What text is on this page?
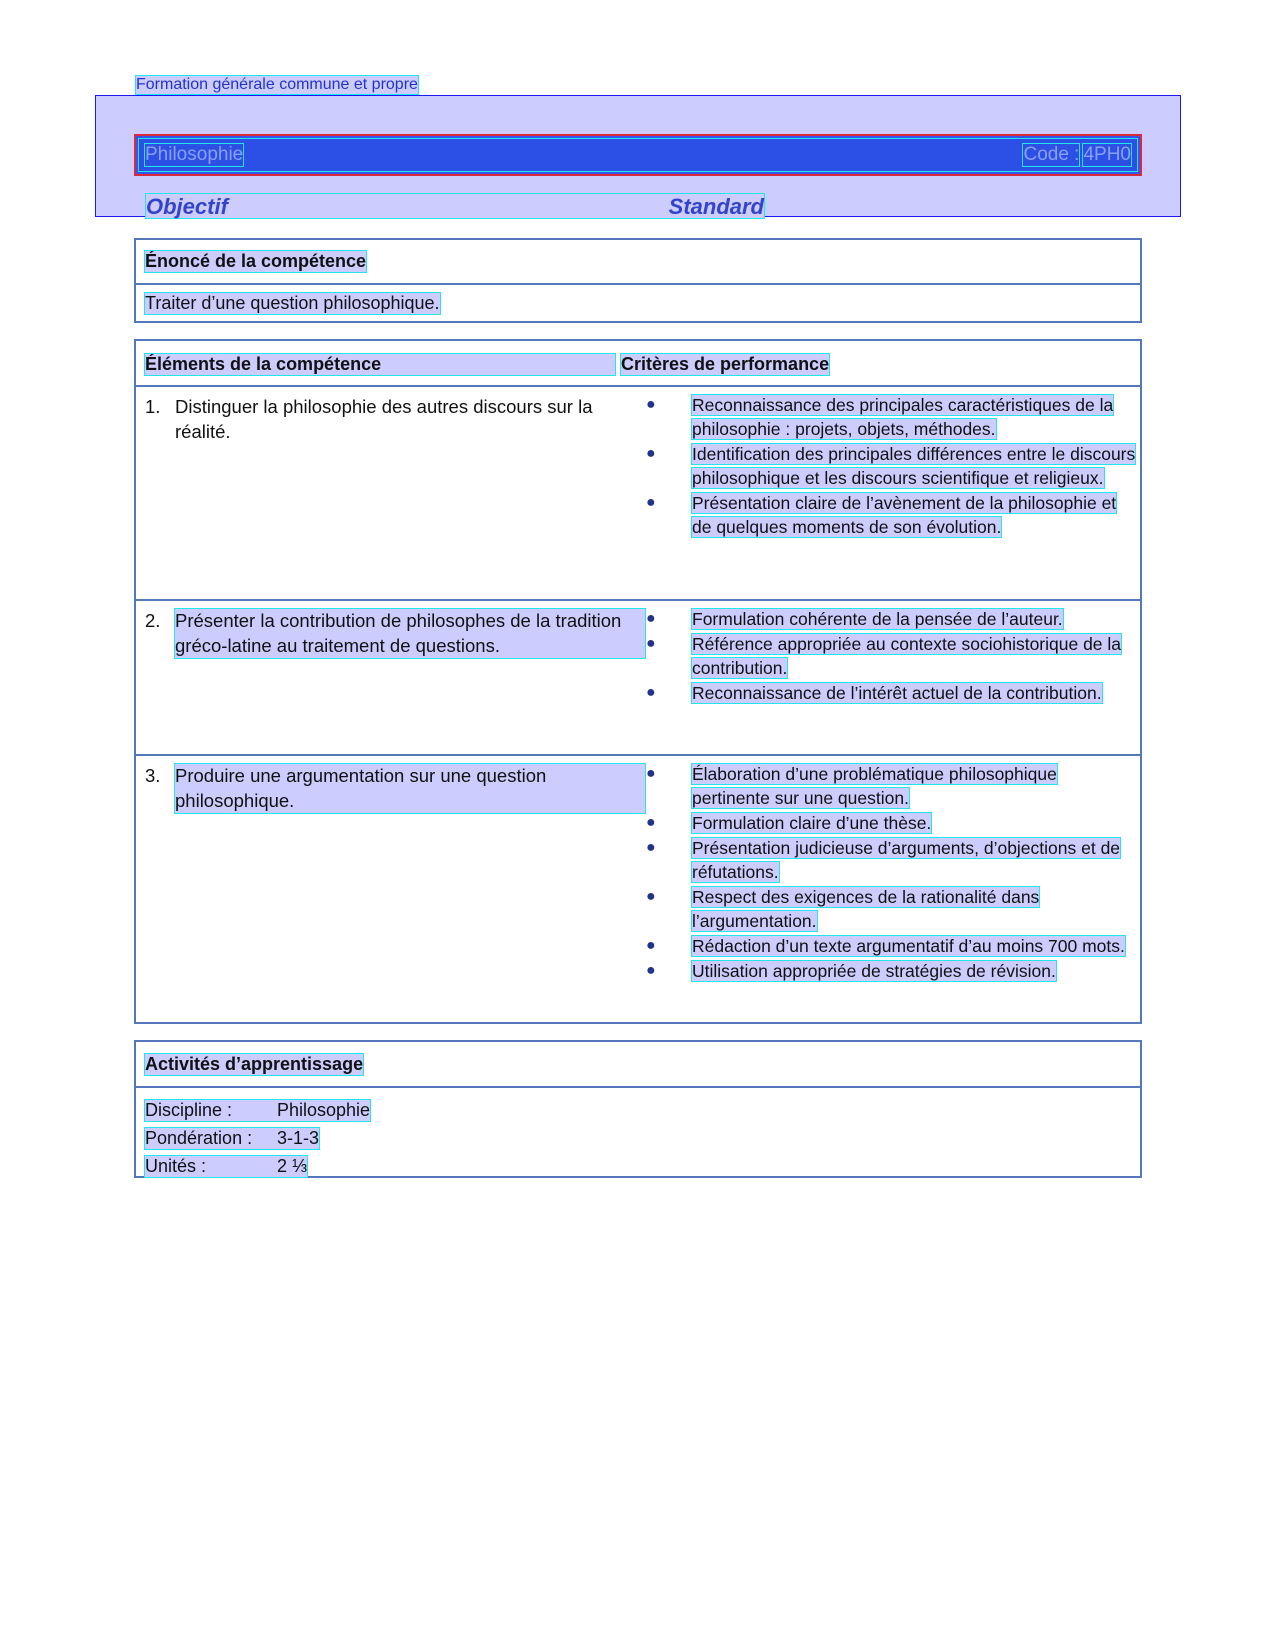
Formation générale commune et propre
Philosophie	Code : 4PH0
Objectif	Standard
Énoncé de la compétence
Traiter d’une question philosophique.
Éléments de la compétence	Critères de performance
1. Distinguer la philosophie des autres discours sur la réalité.
●	Reconnaissance des principales caractéristiques de la philosophie : projets, objets, méthodes.
●	Identification des principales différences entre le discours philosophique et les discours scientifique et religieux.
●	Présentation claire de l’avènement de la philosophie et de quelques moments de son évolution.
2. Présenter la contribution de philosophes de la tradition gréco-latine au traitement de questions.
●	Formulation cohérente de la pensée de l’auteur.
●	Référence appropriée au contexte sociohistorique de la contribution.
●	Reconnaissance de l’intérêt actuel de la contribution.
3. Produire une argumentation sur une question philosophique.
●	Élaboration d’une problématique philosophique pertinente sur une question.
●	Formulation claire d’une thèse.
●	Présentation judicieuse d’arguments, d’objections et de réfutations.
●	Respect des exigences de la rationalité dans l’argumentation.
●	Rédaction d’un texte argumentatif d’au moins 700 mots.
●	Utilisation appropriée de stratégies de révision.
Activités d’apprentissage
Discipline :	Philosophie
Pondération :	3-1-3
Unités :	2 ⅓
